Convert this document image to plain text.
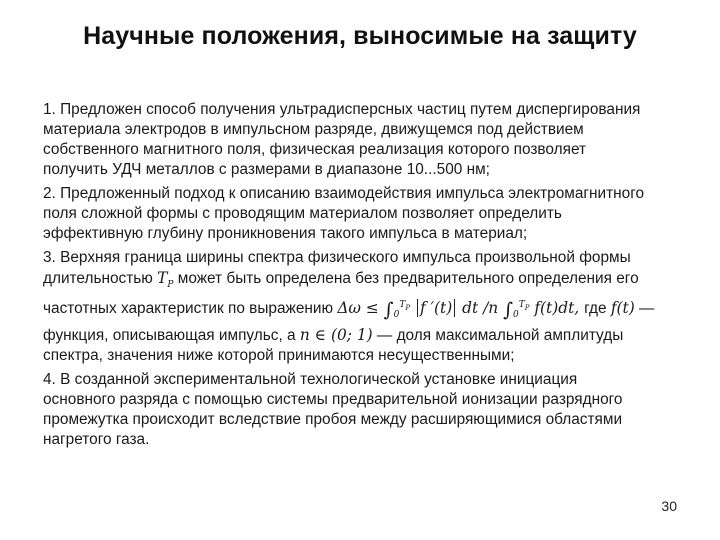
Научные положения, выносимые на защиту
1. Предложен способ получения ультрадисперсных частиц путем диспергирования
материала электродов в импульсном разряде, движущемся под действием
собственного магнитного поля, физическая реализация которого позволяет
получить УДЧ металлов с размерами в диапазоне 10...500 нм;
2. Предложенный подход к описанию взаимодействия импульса электромагнитного
поля сложной формы с проводящим материалом позволяет определить
эффективную глубину проникновения такого импульса в материал;
3. Верхняя граница ширины спектра физического импульса произвольной формы
длительностью $T_P$ может быть определена без предварительного определения его
частотных характеристик по выражению $\Delta\omega \le \int_0^{T_P}$ f ′(t) dt /n $\int_0^{T_P}$ f(t)dt, где f(t) —
функция, описывающая импульс, а n ∈ (0; 1) — доля максимальной амплитуды
спектра, значения ниже которой принимаются несущественными;
4. В созданной экспериментальной технологической установке инициация
основного разряда с помощью системы предварительной ионизации разрядного
промежутка происходит вследствие пробоя между расширяющимися областями
нагретого газа.
30
